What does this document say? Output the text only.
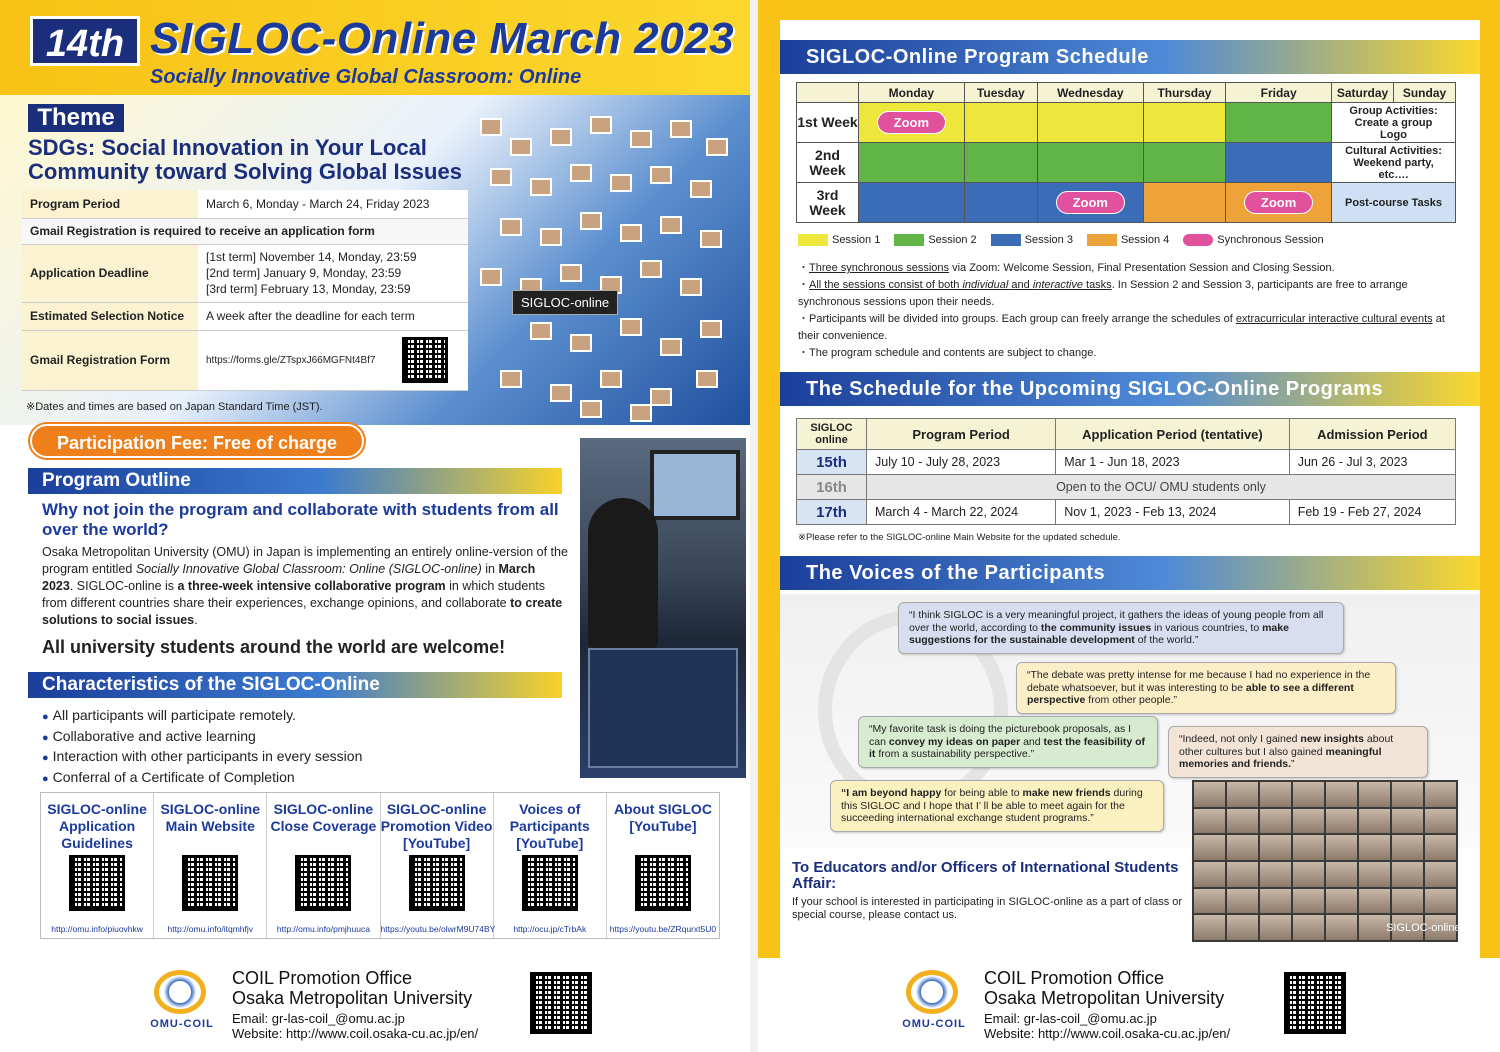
14th SIGLOC-Online March 2023
Socially Innovative Global Classroom: Online
SIGLOC-online
Theme
SDGs: Social Innovation in Your Local Community toward Solving Global Issues
Program Period	March 6, Monday - March 24, Friday 2023
Gmail Registration is required to receive an application form	
Application Deadline	[1st term] November 14, Monday, 23:59
[2nd term] January 9, Monday, 23:59
[3rd term] February 13, Monday, 23:59

Estimated Selection Notice	A week after the deadline for each term
Gmail Registration Form	https://forms.gle/ZTspxJ66MGFNt4Bf7
※Dates and times are based on Japan Standard Time (JST).
Participation Fee: Free of charge
Program Outline
Why not join the program and collaborate with students from all over the world?
Osaka Metropolitan University (OMU) in Japan is implementing an entirely online-version of the program entitled Socially Innovative Global Classroom: Online (SIGLOC-online) in March 2023. SIGLOC-online is a three-week intensive collaborative program in which students from different countries share their experiences, exchange opinions, and collaborate to create solutions to social issues.
All university students around the world are welcome!
Characteristics of the SIGLOC-Online
● All participants will participate remotely.
● Collaborative and active learning
● Interaction with other participants in every session
● Conferral of a Certificate of Completion
SIGLOC-online Application Guidelines
http://omu.info/piuovhkw
SIGLOC-online Main Website
http://omu.info/itqmhfjv
SIGLOC-online Close Coverage
http://omu.info/pmjhuuca
SIGLOC-online Promotion Video [YouTube]
https://youtu.be/olwrM9U74BY
Voices of Participants [YouTube]
http://ocu.jp/cTrbAk
About SIGLOC [YouTube]
https://youtu.be/ZRqurxt5U0
OMU-COIL
COIL Promotion Office
Osaka Metropolitan University
Email: gr-las-coil_@omu.ac.jp
Website: http://www.coil.osaka-cu.ac.jp/en/
SIGLOC-Online Program Schedule
	Monday	Tuesday	Wednesday	Thursday	Friday	Saturday	Sunday
1st Week	Zoom					Group Activities: Create a group Logo	
2nd Week						Cultural Activities: Weekend party, etc….	
3rd Week			Zoom		Zoom	Post-course Tasks	
Session 1	Session 2	Session 3	Session 4	Synchronous Session
・Three synchronous sessions via Zoom: Welcome Session, Final Presentation Session and Closing Session.
・All the sessions consist of both individual and interactive tasks. In Session 2 and Session 3, participants are free to arrange synchronous sessions upon their needs.
・Participants will be divided into groups. Each group can freely arrange the schedules of extracurricular interactive cultural events at their convenience.
・The program schedule and contents are subject to change.
The Schedule for the Upcoming SIGLOC-Online Programs
SIGLOC online	Program Period	Application Period (tentative)	Admission Period
15th	July 10 - July 28, 2023	Mar 1 - Jun 18, 2023	Jun 26 - Jul 3, 2023
16th	Open to the OCU/ OMU students only		
17th	March 4 - March 22, 2024	Nov 1, 2023 - Feb 13, 2024	Feb 19 - Feb 27, 2024
※Please refer to the SIGLOC-online Main Website for the updated schedule.
The Voices of the Participants
“I think SIGLOC is a very meaningful project, it gathers the ideas of young people from all over the world, according to the community issues in various countries, to make suggestions for the sustainable development of the world.”
“The debate was pretty intense for me because I had no experience in the debate whatsoever, but it was interesting to be able to see a different perspective from other people.”
“My favorite task is doing the picturebook proposals, as I can convey my ideas on paper and test the feasibility of it from a sustainability perspective.”
“Indeed, not only I gained new insights about other cultures but I also gained meaningful memories and friends.”
“I am beyond happy for being able to make new friends during this SIGLOC and I hope that I’ ll be able to meet again for the succeeding international exchange student programs.”
To Educators and/or Officers of International Students Affair:

If your school is interested in participating in SIGLOC-online as a part of class or special course, please contact us.

SIGLOC-online
OMU-COIL
COIL Promotion Office
Osaka Metropolitan University
Email: gr-las-coil_@omu.ac.jp
Website: http://www.coil.osaka-cu.ac.jp/en/
